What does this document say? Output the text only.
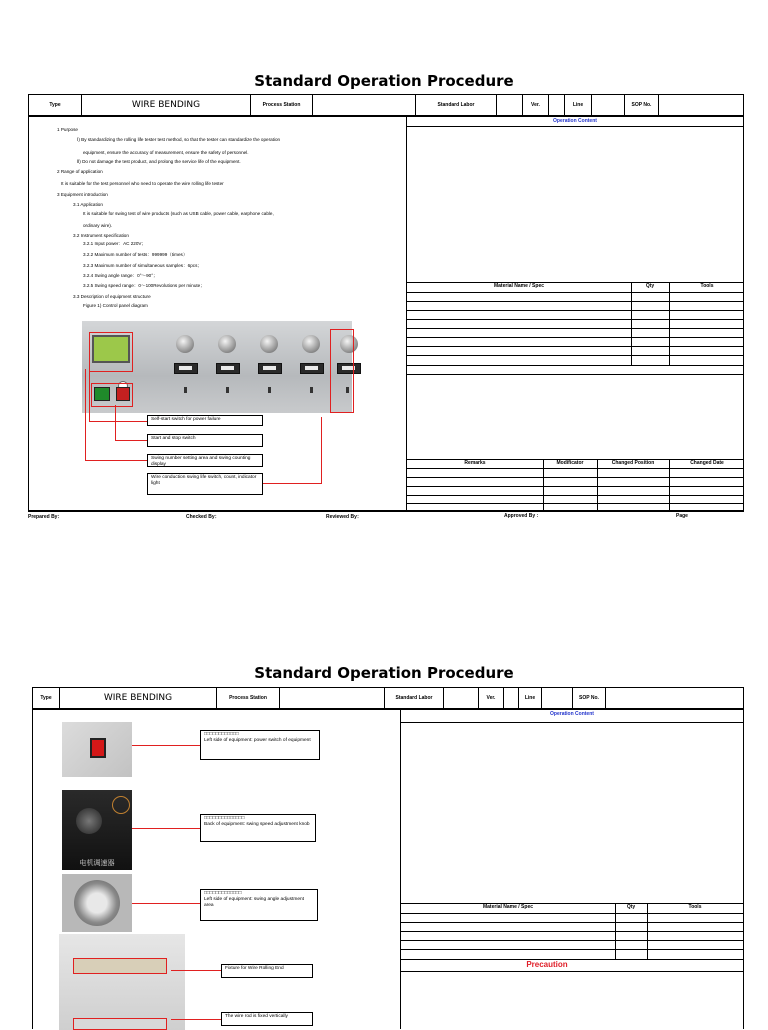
Standard Operation Procedure
Type	WIRE BENDING	Process Station		Standard Labor		Ver.		Line		SOP No.	
1 Purpose
Ⅰ) By standardizing the rolling life tester test method, so that the tester can standardize the operation
equipment, ensure the accuracy of measurement, ensure the safety of personnel.
Ⅱ) Do not damage the test product, and prolong the service life of the equipment.
2 Range of application
It is suitable for the test personnel who need to operate the wire rolling life tester
3 Equipment introduction
3.1 Application
It is suitable for swing test of wire products (such as USB cable, power cable, earphone cable,
ordinary wire).
3.2 Instrument specification
3.2.1 Input power：AC 220V；
3.2.2 Maximum number of tests：999999（times）
3.2.3 Maximum number of simultaneous samples：6pcs；
3.2.4 Swing angle range：0°～90°；
3.2.5 Swing speed range：0～100Revolutions per minute；
3.3 Description of equipment structure
Figure 1) Control panel diagram
Self-start switch for power failure
Start and stop switch
Swing number setting area and swing counting display
Wire conduction swing life switch, count, indicator light
Operation Content
Material Name / Spec	Qty	Tools
Remarks	Modificator	Changed Position	Changed Date
Prepared By：	Checked By：	Reviewed By：	Approved By :	Page
Standard Operation Procedure
Type	WIRE BENDING	Process Station		Standard Labor		Ver.		Line		SOP No.	
□□□□□□□□□□□□
Left side of equipment: power switch of equipment
电机调速器
□□□□□□□□□□□□□□
Back of equipment: swing speed adjustment knob
□□□□□□□□□□□□□
Left side of equipment: swing angle adjustment area
Fixture for Wire Rolling End
The wire rod is fixed vertically
Operation Content
Material Name / Spec	Qty	Tools
Precaution
